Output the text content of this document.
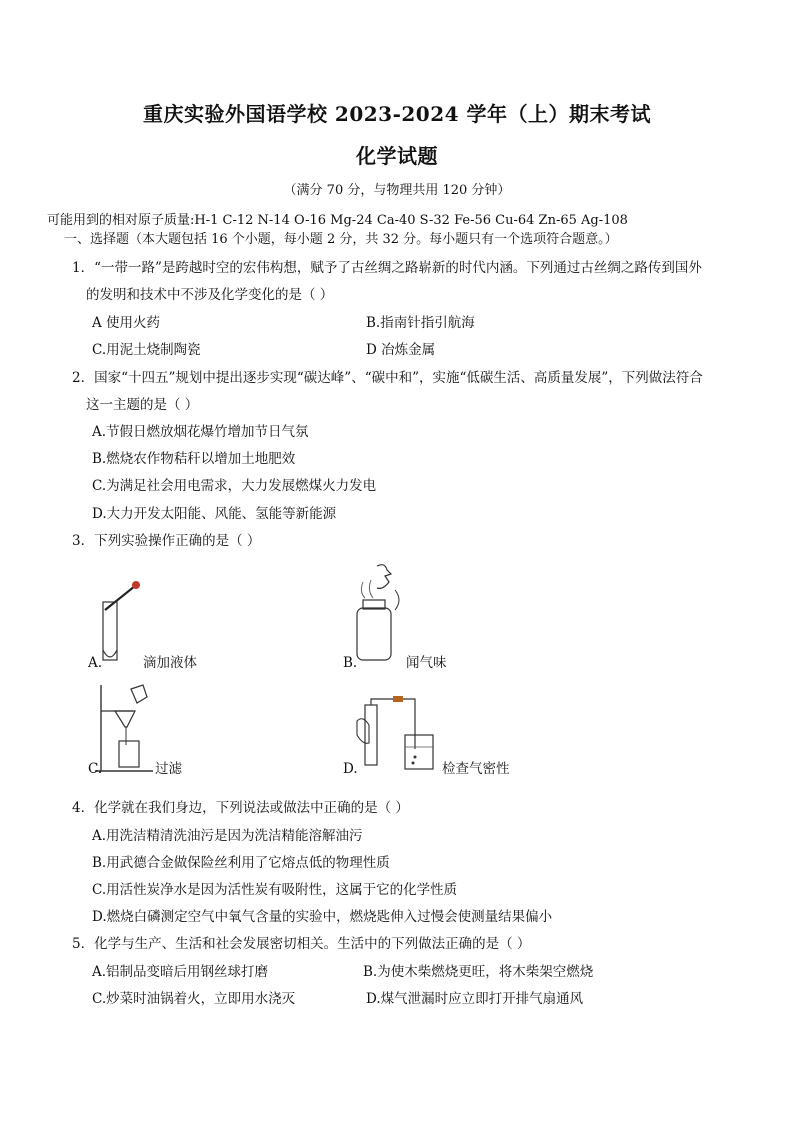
重庆实验外国语学校 2023-2024 学年（上）期末考试
化学试题
（满分 70 分，与物理共用 120 分钟）
可能用到的相对原子质量:H-1 C-12 N-14 O-16 Mg-24 Ca-40 S-32 Fe-56 Cu-64 Zn-65 Ag-108
一、选择题（本大题包括 16 个小题，每小题 2 分，共 32 分。每小题只有一个选项符合题意。）
1．“一带一路”是跨越时空的宏伟构想，赋予了古丝绸之路崭新的时代内涵。下列通过古丝绸之路传到国外
的发明和技术中不涉及化学变化的是（ ）
A 使用火药	B.指南针指引航海
C.用泥土烧制陶瓷	D 冶炼金属
2．国家“十四五”规划中提出逐步实现“碳达峰”、“碳中和”，实施“低碳生活、高质量发展”，下列做法符合
这一主题的是（ ）
A.节假日燃放烟花爆竹增加节日气氛
B.燃烧农作物秸秆以增加土地肥效
C.为满足社会用电需求，大力发展燃煤火力发电
D.大力开发太阳能、风能、氢能等新能源
3．下列实验操作正确的是（ ）
A.	滴加液体	B.	闻气味
C.	过滤	D.	检查气密性
4．化学就在我们身边，下列说法或做法中正确的是（ ）
A.用洗洁精清洗油污是因为洗洁精能溶解油污
B.用武德合金做保险丝利用了它熔点低的物理性质
C.用活性炭净水是因为活性炭有吸附性，这属于它的化学性质
D.燃烧白磷测定空气中氧气含量的实验中，燃烧匙伸入过慢会使测量结果偏小
5．化学与生产、生活和社会发展密切相关。生活中的下列做法正确的是（ ）
A.铝制品变暗后用钢丝球打磨	B.为使木柴燃烧更旺，将木柴架空燃烧
C.炒菜时油锅着火，立即用水浇灭	D.煤气泄漏时应立即打开排气扇通风
